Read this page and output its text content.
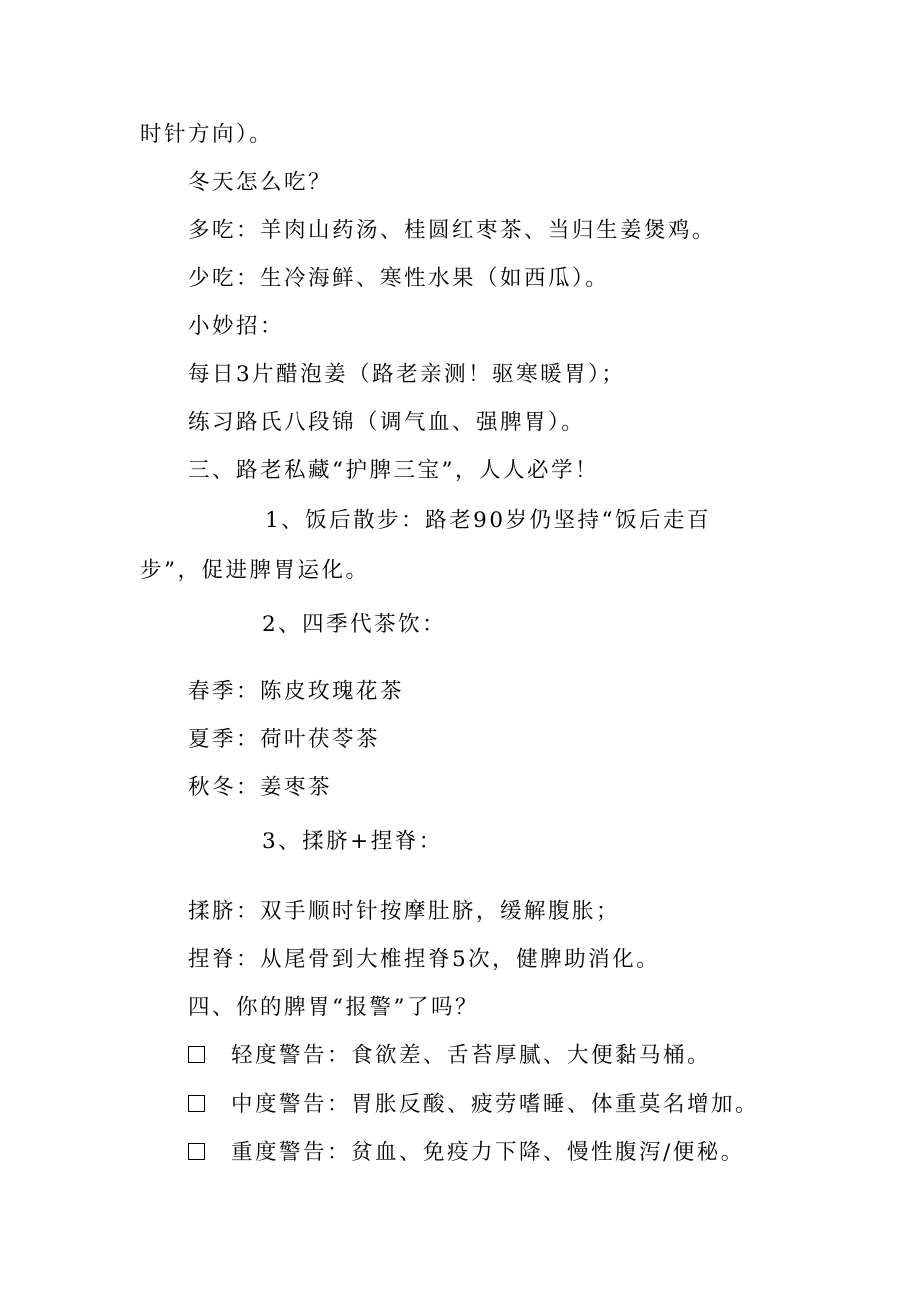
时针方向）。
冬天怎么吃？
多吃：羊肉山药汤、桂圆红枣茶、当归生姜煲鸡。
少吃：生冷海鲜、寒性水果（如西瓜）。
小妙招：
每日3片醋泡姜（路老亲测！驱寒暖胃）；
练习路氏八段锦（调气血、强脾胃）。
三、路老私藏“护脾三宝”，人人必学！
1、饭后散步：路老90岁仍坚持“饭后走百
步”，促进脾胃运化。
2、四季代茶饮：
春季：陈皮玫瑰花茶
夏季：荷叶茯苓茶
秋冬：姜枣茶
3、揉脐+捏脊：
揉脐：双手顺时针按摩肚脐，缓解腹胀；
捏脊：从尾骨到大椎捏脊5次，健脾助消化。
四、你的脾胃“报警”了吗？
轻度警告：食欲差、舌苔厚腻、大便黏马桶。
中度警告：胃胀反酸、疲劳嗜睡、体重莫名增加。
重度警告：贫血、免疫力下降、慢性腹泻/便秘。
